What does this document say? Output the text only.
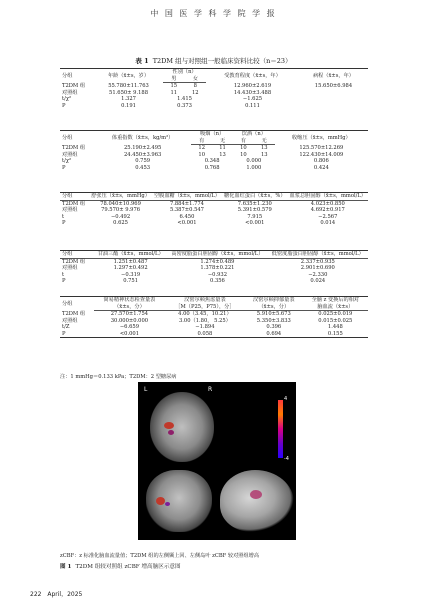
中 国 医 学 科 学 院 学 报
表 1 T2DM 组与对照组一般临床资料比较（n＝23）
分组	年龄（x̄±s，岁）	性别（n）		受教育程度（x̄±s，年）	病程（x̄±s，年）
		男	女		
T2DM 组	55.780±11.763	15	8	12.960±2.619	15.650±6.984
对照组	51.650± 9.188	11	12	14.430±3.488	
t/χ²	1.327	1.415		−1.625	
P	0.191	0.373		0.111	
分组	体重指数（x̄±s，kg/m²）	吸烟（n）		饮酒（n）		收缩压（x̄±s，mmHg）
		有	无	有	无	
T2DM 组	25.190±2.495	12	11	10	13	125.570±12.269
对照组	24.450±3.963	10	13	10	13	122.430±14.009
t/χ²	0.759	0.348		0.000		0.806
P	0.453	0.768		1.000		0.424
分组	舒张压（x̄±s，mmHg）	空腹血糖（x̄±s，mmol/L）	糖化血红蛋白（x̄±s，%）	血浆总胆固醇（x̄±s，mmol/L）
T2DM 组	78.040±10.969	7.884±1.774	7.635±1.230	4.023±0.850
对照组	79.570± 9.976	5.387±0.547	5.391±0.579	4.692±0.917
t	−0.492	6.450	7.915	−2.567
P	0.625	<0.001	<0.001	0.014
分组	甘油三酯（x̄±s，mmol/L）	高密度脂蛋白胆固醇（x̄±s，mmol/L）	低密度脂蛋白胆固醇（x̄±s，mmol/L）
T2DM 组	1.251±0.487	1.274±0.489	2.337±0.935
对照组	1.297±0.492	1.378±0.221	2.901±0.690
t	−0.319	−0.932	−2.330
P	0.751	0.356	0.024
分组	简易精神状态检查量表	汉密尔顿焦虑量表	汉密尔顿抑郁量表	全脑 z 变换后的相对
	（x̄±s，分）	［M（P25，P75），分］	（x̄±s，分）	脑血流（x̄±s）
T2DM 组	27.570±1.754	4.00（3.45，10.21）	5.910±5.673	0.025±0.019
对照组	30.000±0.000	3.00（1.80， 5.25）	5.350±3.833	0.015±0.025
t/Z	−6.659	−1.894	0.396	1.448
P	<0.001	0.058	0.694	0.155
注：1 mmHg＝0.133 kPa；T2DM：2 型糖尿病
L	R
4
-4
zCBF：z 标准化脑血流量值；T2DM 组的左侧颞上回、左侧岛叶 zCBF 较对照组增高
图 1 T2DM 组较对照组 zCBF 增高脑区示意图
222 April，2025
